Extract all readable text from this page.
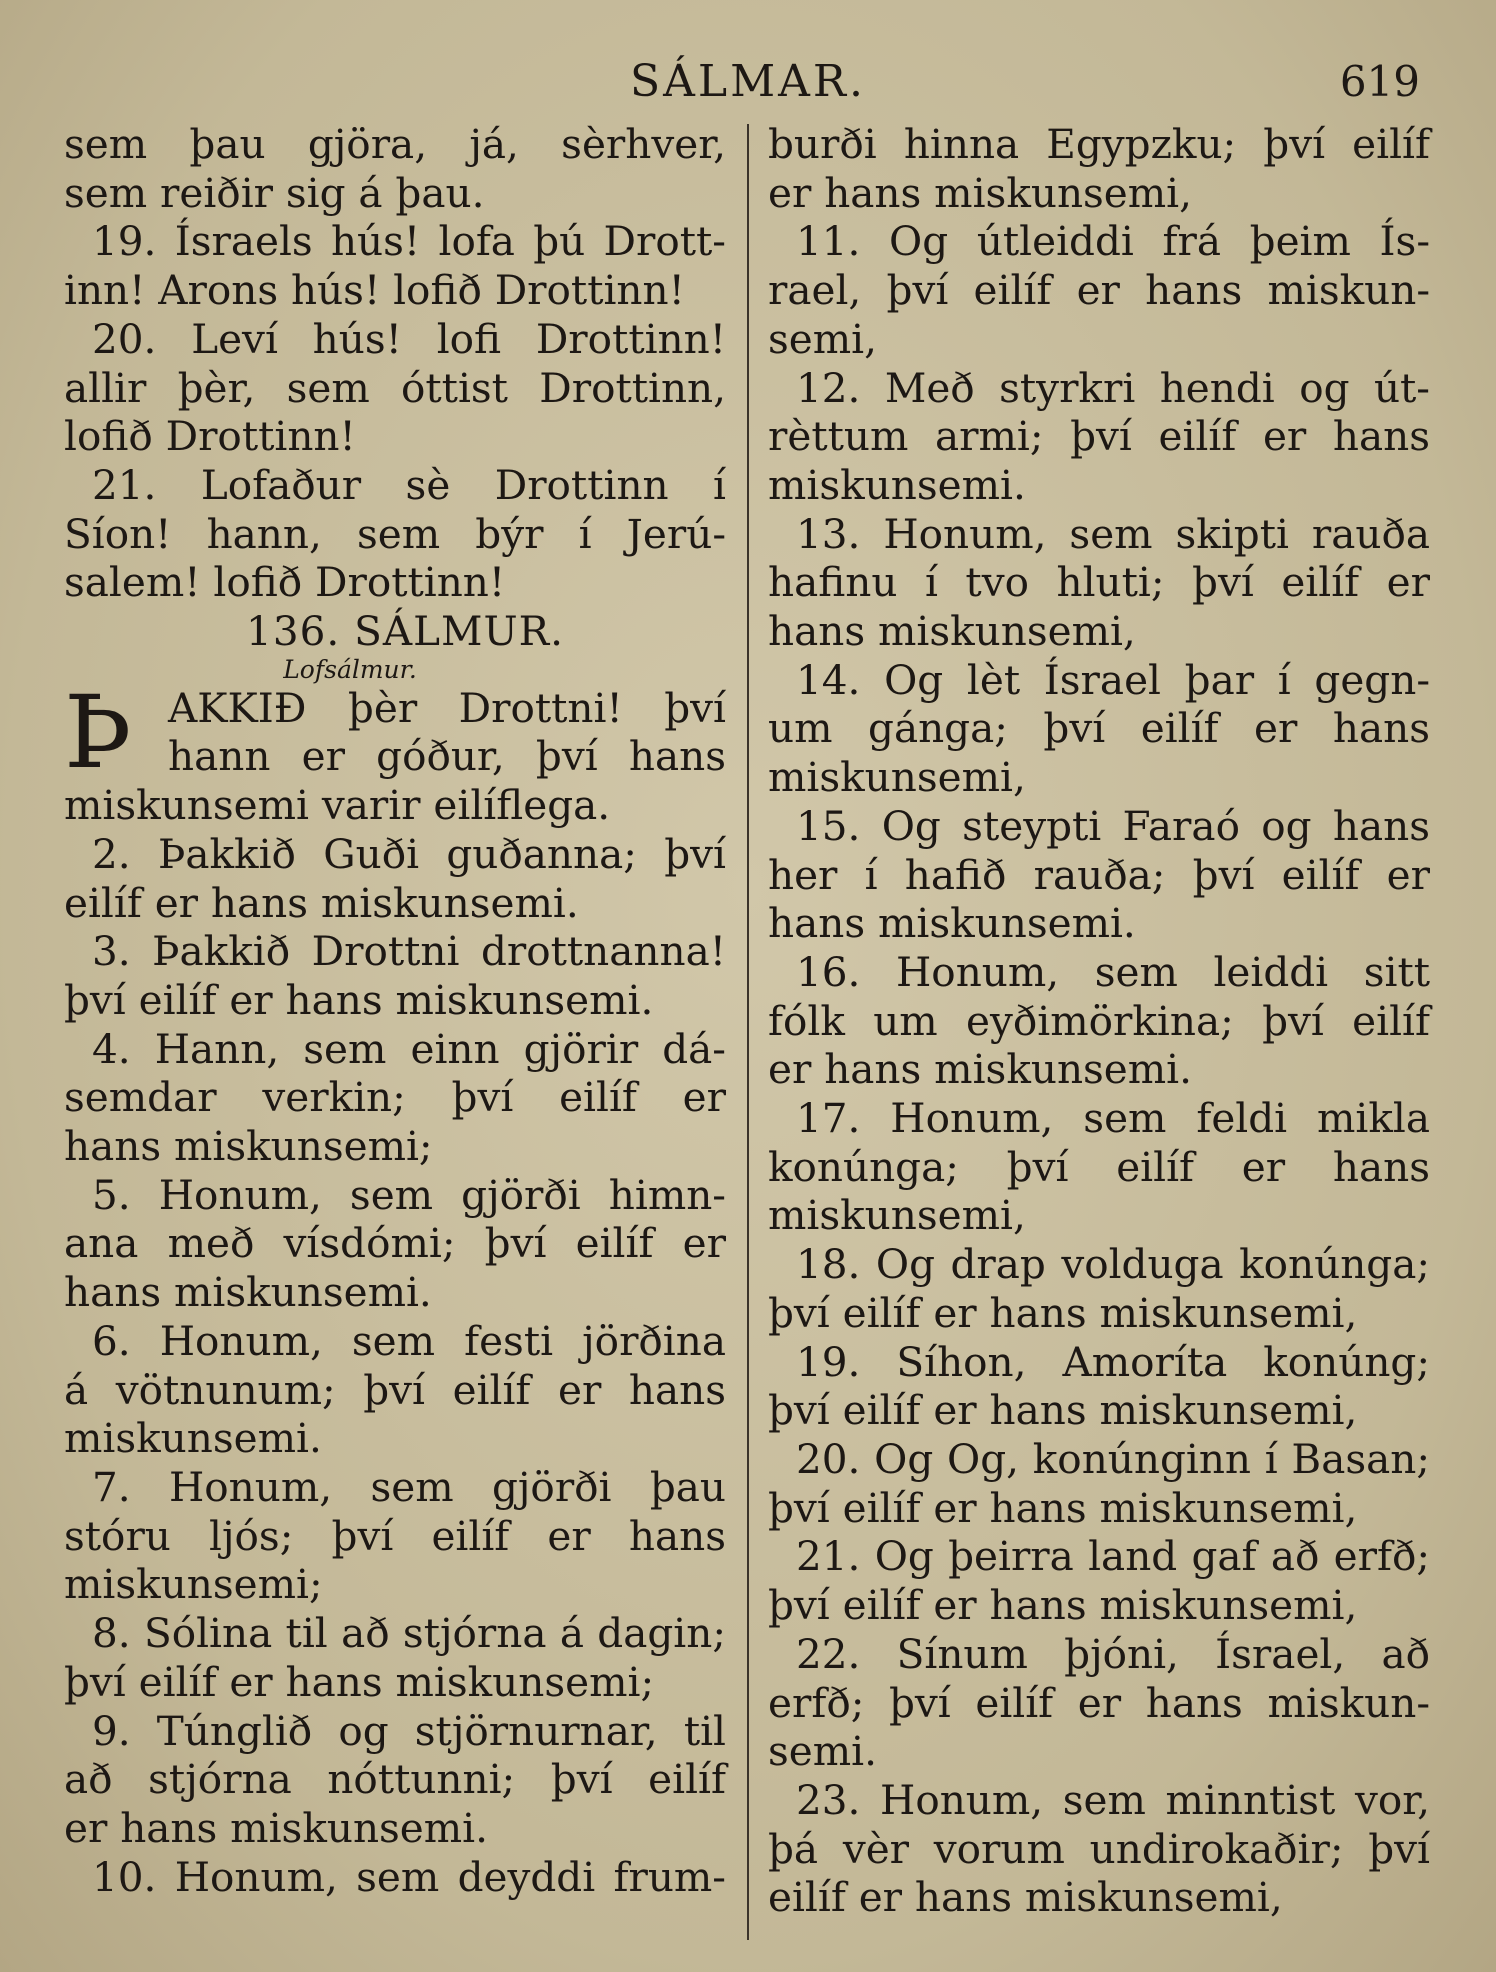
SÁLMAR.	619
sem þau gjöra, já, sèrhver,
sem reiðir sig á þau.
19. Ísraels hús! lofa þú Drott-
inn! Arons hús! lofið Drottinn!
20. Leví hús! lofi Drottinn!
allir þèr, sem óttist Drottinn,
lofið Drottinn!
21. Lofaður sè Drottinn í
Síon! hann, sem býr í Jerú-
salem! lofið Drottinn!
136. SÁLMUR.
Lofsálmur.
Þ AKKIÐ þèr Drottni! því
hann er góður, því hans
miskunsemi varir eilíflega.
2. Þakkið Guði guðanna; því
eilíf er hans miskunsemi.
3. Þakkið Drottni drottnanna!
því eilíf er hans miskunsemi.
4. Hann, sem einn gjörir dá-
semdar verkin; því eilíf er
hans miskunsemi;
5. Honum, sem gjörði himn-
ana með vísdómi; því eilíf er
hans miskunsemi.
6. Honum, sem festi jörðina
á vötnunum; því eilíf er hans
miskunsemi.
7. Honum, sem gjörði þau
stóru ljós; því eilíf er hans
miskunsemi;
8. Sólina til að stjórna á dagin;
því eilíf er hans miskunsemi;
9. Túnglið og stjörnurnar, til
að stjórna nóttunni; því eilíf
er hans miskunsemi.
10. Honum, sem deyddi frum-
burði hinna Egypzku; því eilíf
er hans miskunsemi,
11. Og útleiddi frá þeim Ís-
rael, því eilíf er hans miskun-
semi,
12. Með styrkri hendi og út-
rèttum armi; því eilíf er hans
miskunsemi.
13. Honum, sem skipti rauða
hafinu í tvo hluti; því eilíf er
hans miskunsemi,
14. Og lèt Ísrael þar í gegn-
um gánga; því eilíf er hans
miskunsemi,
15. Og steypti Faraó og hans
her í hafið rauða; því eilíf er
hans miskunsemi.
16. Honum, sem leiddi sitt
fólk um eyðimörkina; því eilíf
er hans miskunsemi.
17. Honum, sem feldi mikla
konúnga; því eilíf er hans
miskunsemi,
18. Og drap volduga konúnga;
því eilíf er hans miskunsemi,
19. Síhon, Amoríta konúng;
því eilíf er hans miskunsemi,
20. Og Og, konúnginn í Basan;
því eilíf er hans miskunsemi,
21. Og þeirra land gaf að erfð;
því eilíf er hans miskunsemi,
22. Sínum þjóni, Ísrael, að
erfð; því eilíf er hans miskun-
semi.
23. Honum, sem minntist vor,
þá vèr vorum undirokaðir; því
eilíf er hans miskunsemi,
